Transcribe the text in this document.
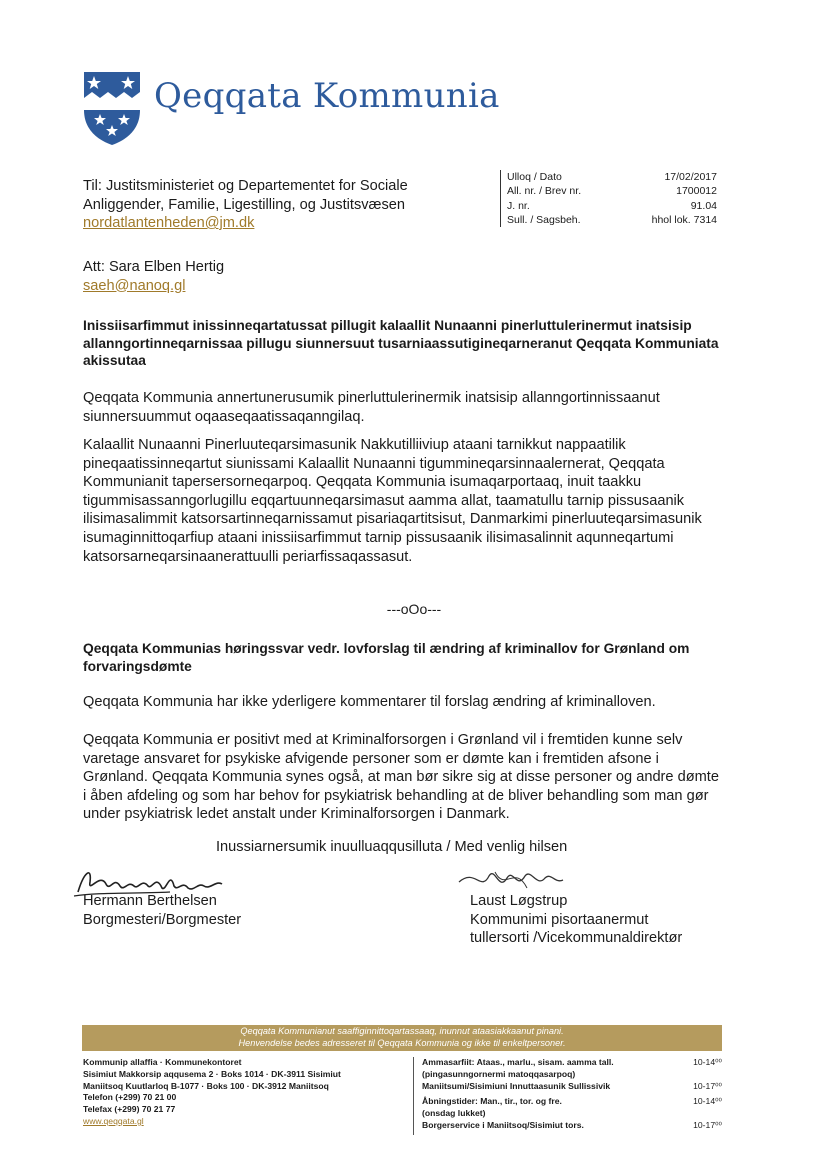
Qeqqata Kommunia
Til: Justitsministeriet og Departementet for Sociale
Anliggender, Familie, Ligestilling, og Justitsvæsen
nordatlantenheden@jm.dk
Ulloq / Dato	17/02/2017
All. nr. / Brev nr.	1700012
J. nr.	91.04
Sull. / Sagsbeh.	hhol lok. 7314
Att: Sara Elben Hertig
saeh@nanoq.gl
Inissiisarfimmut inissinneqartatussat pillugit kalaallit Nunaanni pinerluttulerinermut inatsisip allanngortinneqarnissaa pillugu siunnersuut tusarniaassutigineqarneranut Qeqqata Kommuniata akissutaa
Qeqqata Kommunia annertunerusumik pinerluttulerinermik inatsisip allanngortinnissaanut siunnersuummut oqaaseqaatissaqanngilaq.
Kalaallit Nunaanni Pinerluuteqarsimasunik Nakkutilliiviup ataani tarnikkut nappaatilik pineqaatissinneqartut siunissami Kalaallit Nunaanni tigummineqarsinnaalernerat, Qeqqata Kommunianit tapersersorneqarpoq. Qeqqata Kommunia isumaqarportaaq, inuit taakku tigummisassanngorlugillu eqqartuunneqarsimasut aamma allat, taamatullu tarnip pissusaanik ilisimasalimmit katsorsartinneqarnissamut pisariaqartitsisut, Danmarkimi pinerluuteqarsimasunik isumaginnittoqarfiup ataani inissiisarfimmut tarnip pissusaanik ilisimasalinnit aqunneqartumi katsorsarneqarsinaanerattuulli periarfissaqassasut.
---oOo---
Qeqqata Kommunias høringssvar vedr. lovforslag til ændring af kriminallov for Grønland om forvaringsdømte
Qeqqata Kommunia har ikke yderligere kommentarer til forslag ændring af kriminalloven.
Qeqqata Kommunia er positivt med at Kriminalforsorgen i Grønland vil i fremtiden kunne selv varetage ansvaret for psykiske afvigende personer som er dømte kan i fremtiden afsone i Grønland. Qeqqata Kommunia synes også, at man bør sikre sig at disse personer og andre dømte i åben afdeling og som har behov for psykiatrisk behandling at de bliver behandling som man gør under psykiatrisk ledet anstalt under Kriminalforsorgen i Danmark.
Inussiarnersumik inuulluaqqusilluta / Med venlig hilsen
Hermann Berthelsen
Borgmesteri/Borgmester
Laust Løgstrup
Kommunimi pisortaanermut
tullersorti /Vicekommunaldirektør
Qeqqata Kommunianut saaffiginnittoqartassaaq, inunnut ataasiakkaanut pinani.
Henvendelse bedes adresseret til Qeqqata Kommunia og ikke til enkeltpersoner.
Kommunip allaffia · Kommunekontoret
Sisimiut Makkorsip aqqusema 2 · Boks 1014 · DK-3911 Sisimiut
Maniitsoq Kuutlarloq B-1077 · Boks 100 · DK-3912 Maniitsoq
Telefon (+299) 70 21 00
Telefax (+299) 70 21 77
www.qeqqata.gl
Ammasarfiit: Ataas., marlu., sisam. aamma tall.	10-14⁰⁰
(pingasunngornermi matoqqasarpoq)
Maniitsumi/Sisimiuni Innuttaasunik Sullissivik	10-17⁰⁰
Åbningstider: Man., tir., tor. og fre.	10-14⁰⁰
(onsdag lukket)
Borgerservice i Maniitsoq/Sisimiut tors.	10-17⁰⁰
